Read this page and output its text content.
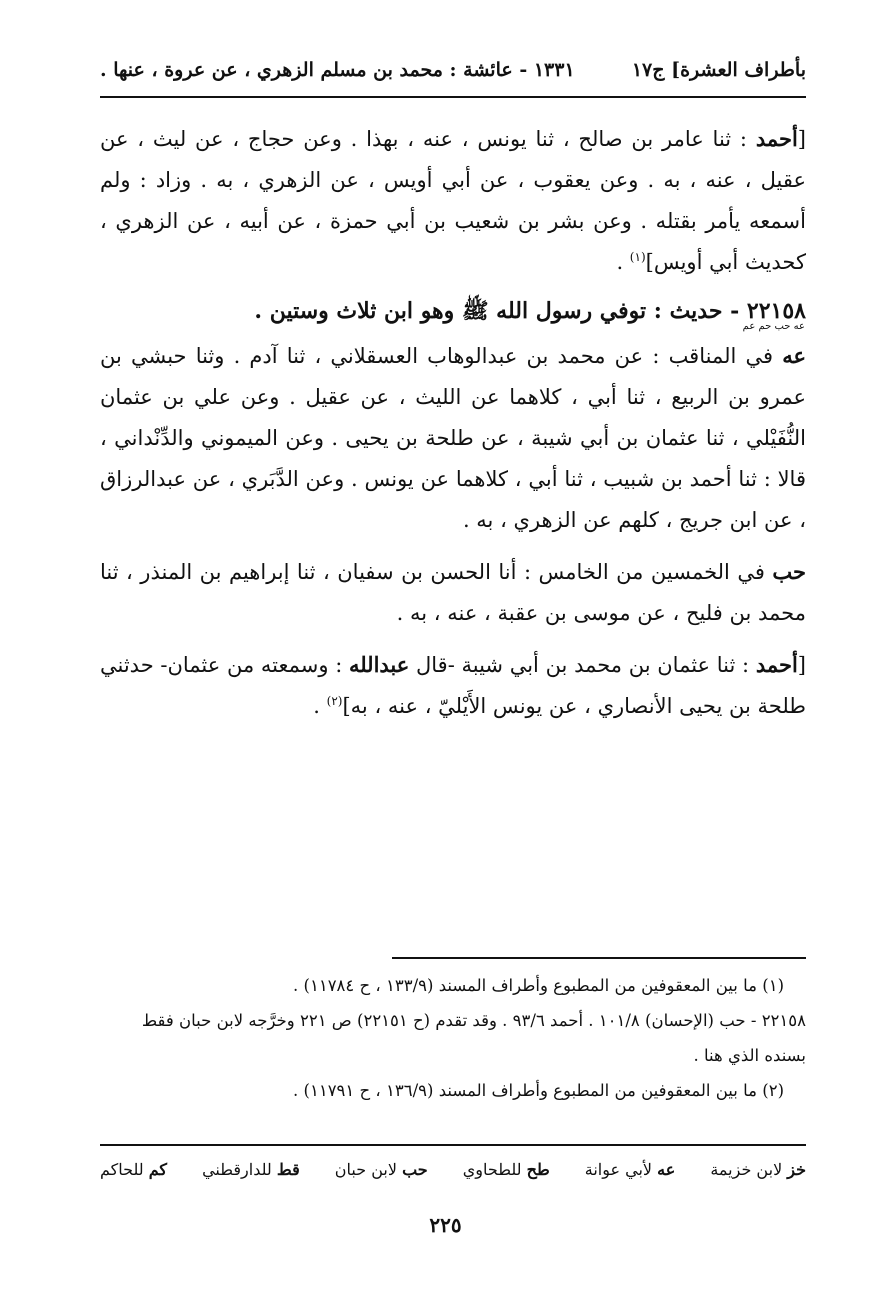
بأطراف العشرة] ج١٧
١٣٣١ - عائشة : محمد بن مسلم الزهري ، عن عروة ، عنها .

[أحمد : ثنا عامر بن صالح ، ثنا يونس ، عنه ، بهذا . وعن حجاج ، عن ليث ، عن عقيل ، عنه ، به . وعن يعقوب ، عن أبي أويس ، عن الزهري ، به . وزاد : ولم أسمعه يأمر بقتله . وعن بشر بن شعيب بن أبي حمزة ، عن أبيه ، عن الزهري ، كحديث أبي أويس]$^{(١)}$ .

٢٢١٥٨ - حديث : توفي رسول الله ﷺ وهو ابن ثلاث وستين .

عه حب حم عم

عه في المناقب : عن محمد بن عبدالوهاب العسقلاني ، ثنا آدم . وثنا حبشي بن عمرو بن الربيع ، ثنا أبي ، كلاهما عن الليث ، عن عقيل . وعن علي بن عثمان النُّفَيْلي ، ثنا عثمان بن أبي شيبة ، عن طلحة بن يحيى . وعن الميموني والدِّنْداني ، قالا : ثنا أحمد بن شبيب ، ثنا أبي ، كلاهما عن يونس . وعن الدَّبَري ، عن عبدالرزاق ، عن ابن جريج ، كلهم عن الزهري ، به .

حب في الخمسين من الخامس : أنا الحسن بن سفيان ، ثنا إبراهيم بن المنذر ، ثنا محمد بن فليح ، عن موسى بن عقبة ، عنه ، به .

[أحمد : ثنا عثمان بن محمد بن أبي شيبة -قال عبدالله : وسمعته من عثمان- حدثني طلحة بن يحيى الأنصاري ، عن يونس الأَيْليّ ، عنه ، به]$^{(٢)}$ .

(١) ما بين المعقوفين من المطبوع وأطراف المسند (١٣٣/٩ ، ح ١١٧٨٤) .

٢٢١٥٨ - حب (الإحسان) ١٠١/٨ . أحمد ٩٣/٦ . وقد تقدم (ح ٢٢١٥١) ص ٢٢١ وخرَّجه لابن حبان فقط بسنده الذي هنا .

(٢) ما بين المعقوفين من المطبوع وأطراف المسند (١٣٦/٩ ، ح ١١٧٩١) .

خز لابن خزيمة
عه لأبي عوانة
طح للطحاوي
حب لابن حبان
قط للدارقطني
كم للحاكم
٢٢٥
